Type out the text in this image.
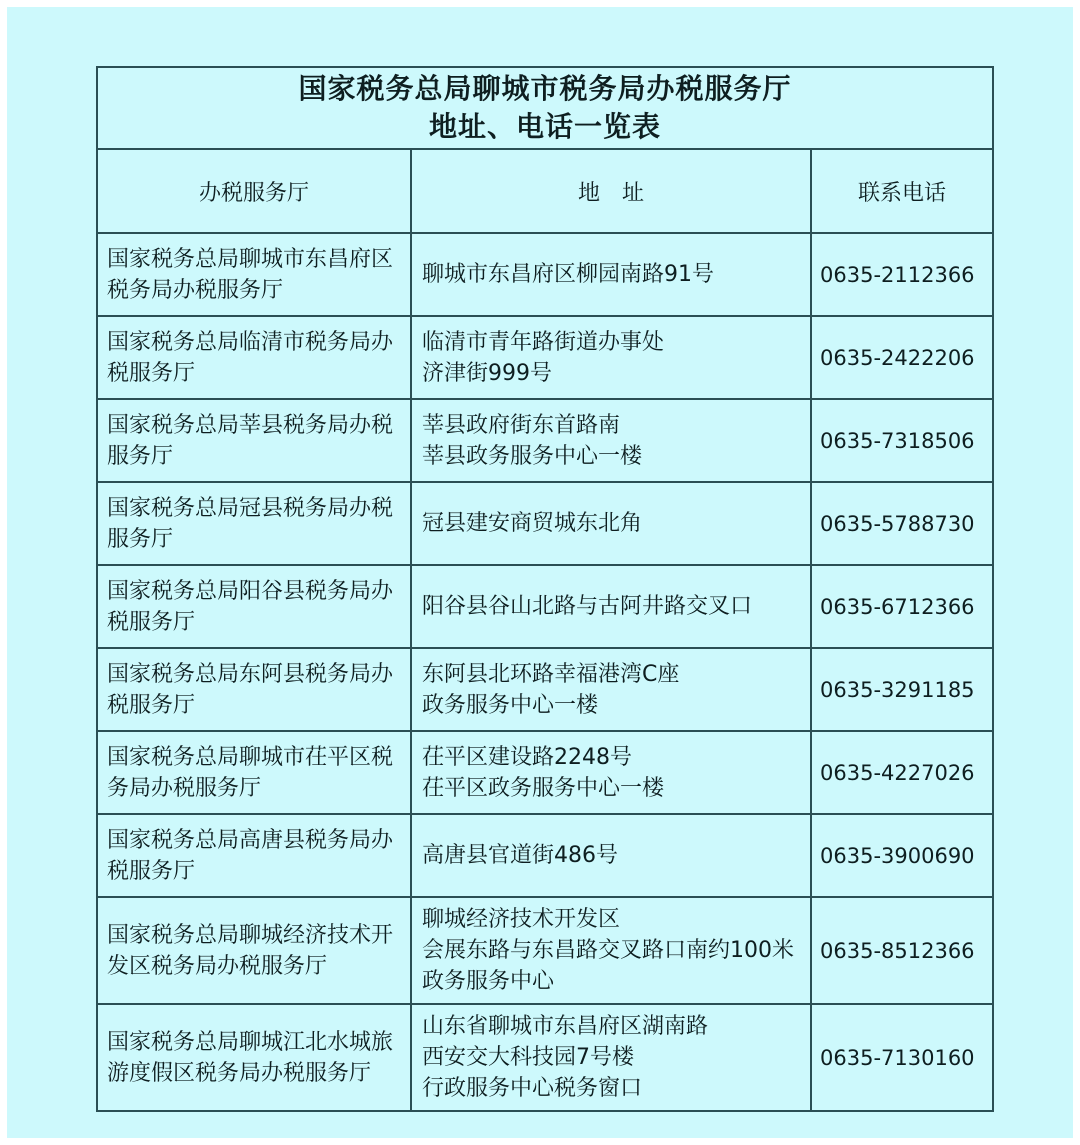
国家税务总局聊城市税务局办税服务厅
地址、电话一览表		

办税服务厅	地　址	联系电话
国家税务总局聊城市东昌府区税务局办税服务厅	聊城市东昌府区柳园南路91号	0635-2112366
国家税务总局临清市税务局办税服务厅	临清市青年路街道办事处
济津街999号	0635-2422206
国家税务总局莘县税务局办税服务厅	莘县政府街东首路南
莘县政务服务中心一楼	0635-7318506
国家税务总局冠县税务局办税服务厅	冠县建安商贸城东北角	0635-5788730
国家税务总局阳谷县税务局办税服务厅	阳谷县谷山北路与古阿井路交叉口	0635-6712366
国家税务总局东阿县税务局办税服务厅	东阿县北环路幸福港湾C座
政务服务中心一楼	0635-3291185
国家税务总局聊城市茌平区税务局办税服务厅	茌平区建设路2248号
茌平区政务服务中心一楼	0635-4227026
国家税务总局高唐县税务局办税服务厅	高唐县官道街486号	0635-3900690
国家税务总局聊城经济技术开发区税务局办税服务厅	聊城经济技术开发区
会展东路与东昌路交叉路口南约100米
政务服务中心	0635-8512366
国家税务总局聊城江北水城旅游度假区税务局办税服务厅	山东省聊城市东昌府区湖南路
西安交大科技园7号楼
行政服务中心税务窗口	0635-7130160
